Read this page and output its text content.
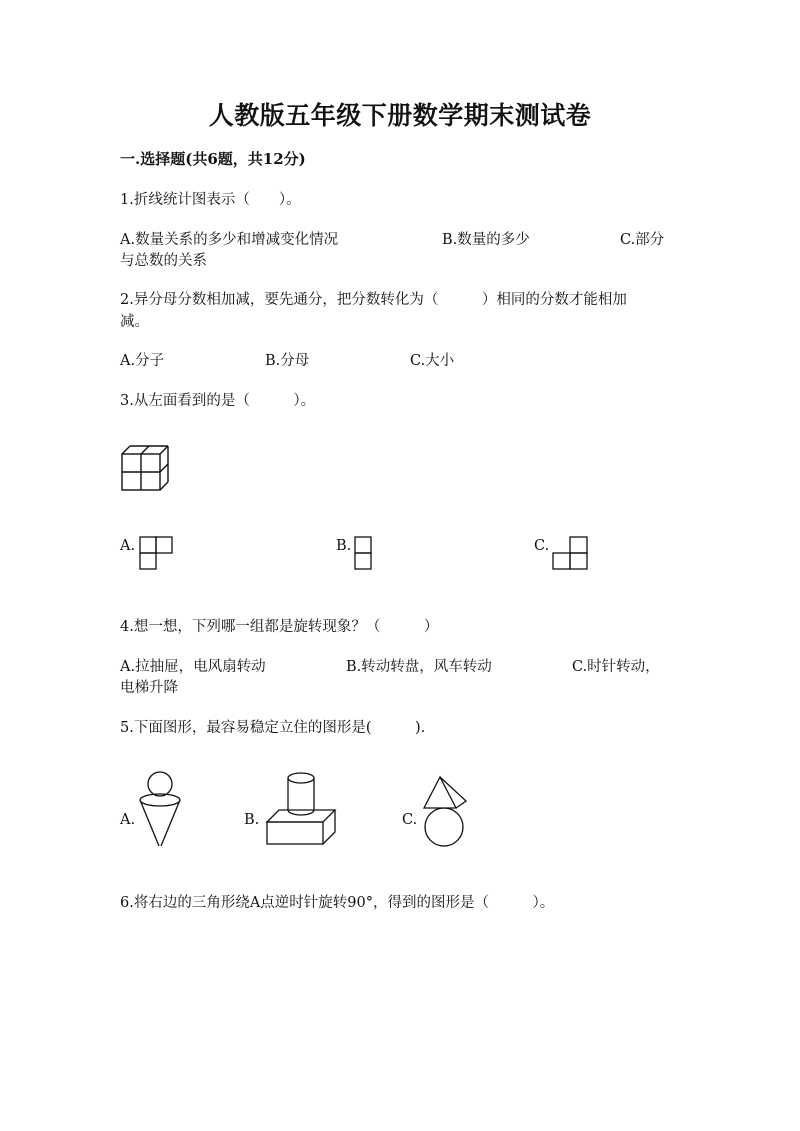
人教版五年级下册数学期末测试卷
一.选择题(共6题，共12分)
1.折线统计图表示（　　）。
A.数量关系的多少和增减变化情况	B.数量的多少	C.部分
与总数的关系
2.异分母分数相加减，要先通分，把分数转化为（　　　）相同的分数才能相加
减。
A.分子	B.分母	C.大小
3.从左面看到的是（　　　）。
A.	B.	C.
4.想一想，下列哪一组都是旋转现象？（　　　）
A.拉抽屉，电风扇转动	B.转动转盘，风车转动	C.时针转动，
电梯升降
5.下面图形，最容易稳定立住的图形是(　　　).
A.	B.	C.
6.将右边的三角形绕A点逆时针旋转90°，得到的图形是（　　　）。
